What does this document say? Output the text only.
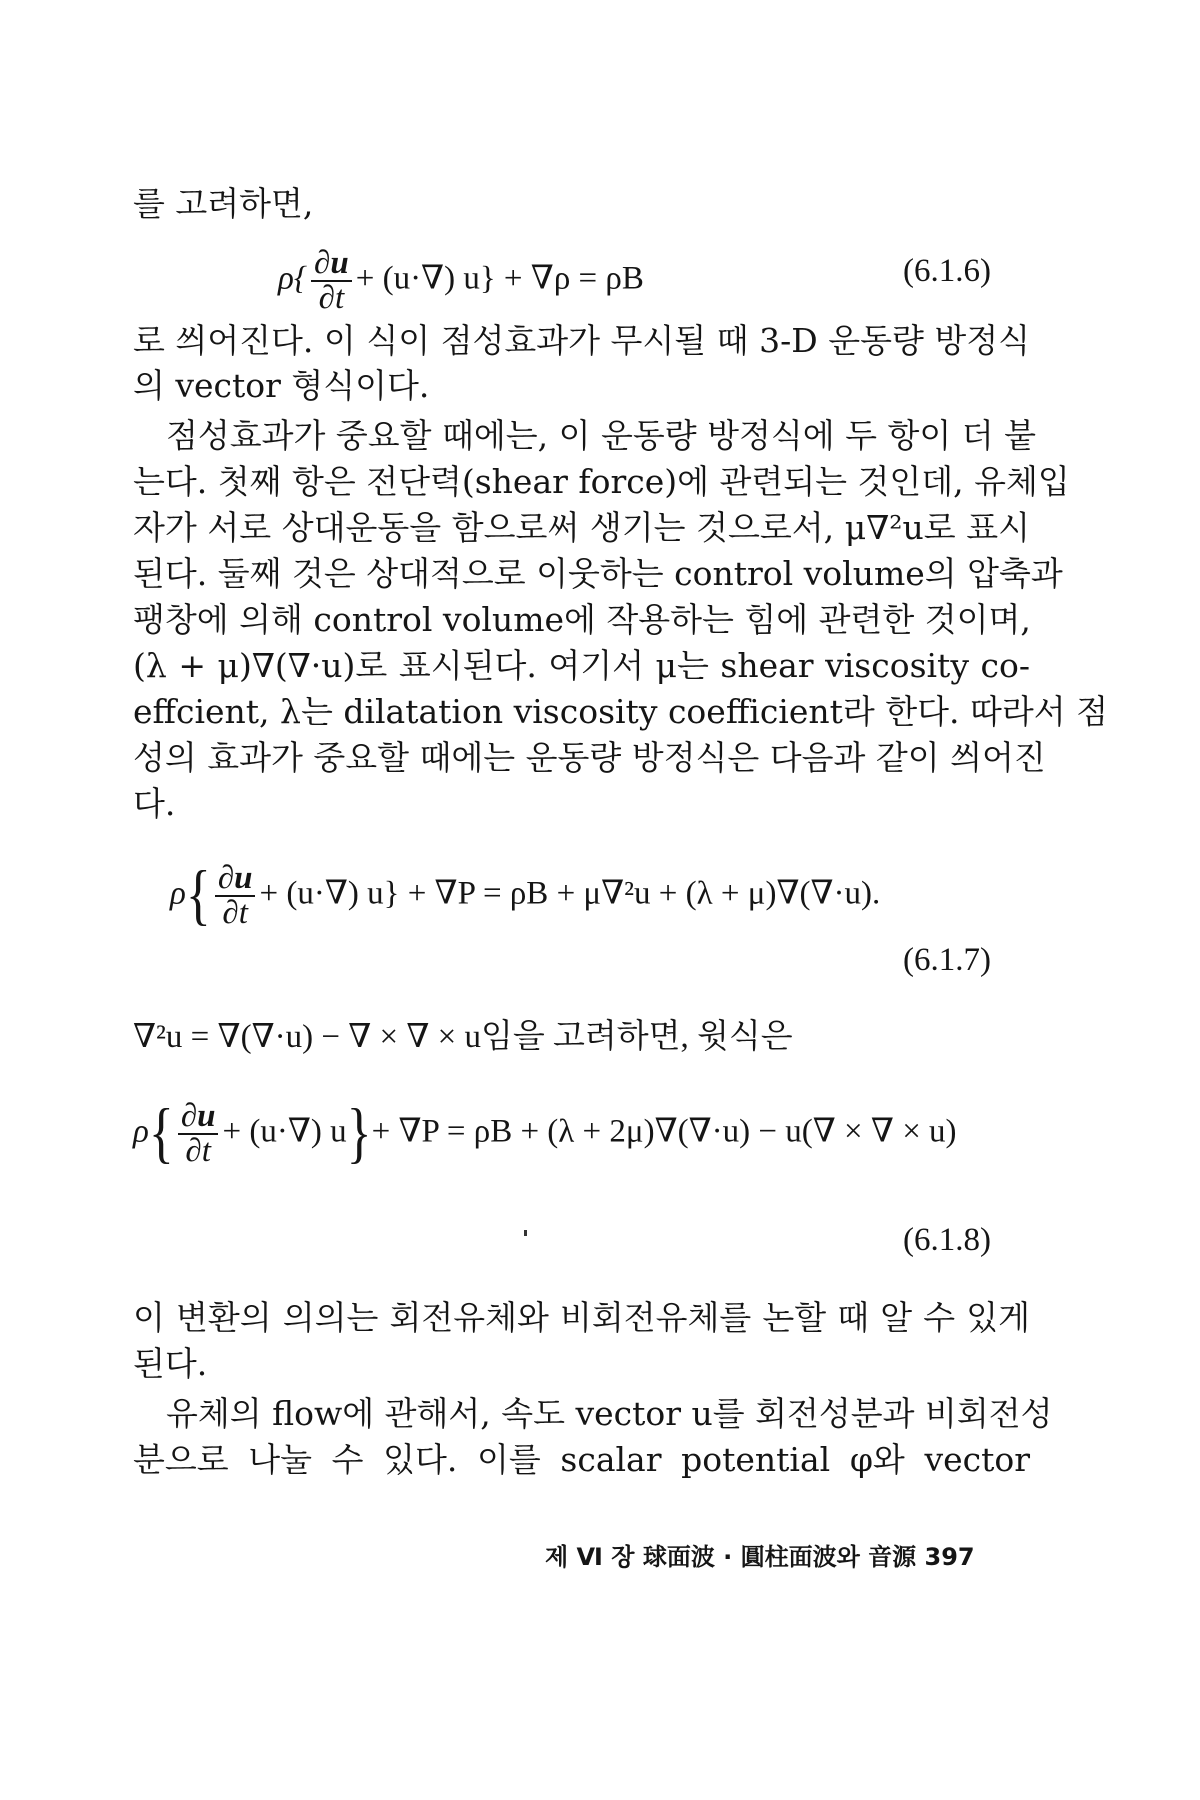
를 고려하면,
$\rho\{ \frac{\partial u}{\partial t} + (u\cdot\nabla) u\} + \nabla\rho = \rho B$	(6.1.6)
로 씌어진다. 이 식이 점성효과가 무시될 때 3-D 운동량 방정식
의 vector 형식이다.
점성효과가 중요할 때에는, 이 운동량 방정식에 두 항이 더 붙
는다. 첫째 항은 전단력(shear force)에 관련되는 것인데, 유체입
자가 서로 상대운동을 함으로써 생기는 것으로서, μ∇²u로 표시
된다. 둘째 것은 상대적으로 이웃하는 control volume의 압축과
팽창에 의해 control volume에 작용하는 힘에 관련한 것이며,
(λ + μ)∇(∇·u)로 표시된다. 여기서 μ는 shear viscosity co-
effcient, λ는 dilatation viscosity coefficient라 한다. 따라서 점
성의 효과가 중요할 때에는 운동량 방정식은 다음과 같이 씌어진
다.
$\rho\{ \frac{\partial u}{\partial t} + (u\cdot\nabla) u\} + \nabla P = \rho B + \mu\nabla^2u + (\lambda + \mu)\nabla(\nabla\cdot u)$.
(6.1.7)
∇²u = ∇(∇·u) − ∇ × ∇ × u임을 고려하면, 윗식은
$\rho\{ \frac{\partial u}{\partial t} + (u\cdot\nabla)$ u}+ ∇P = ρB + (λ + 2μ)∇(∇·u) − u(∇ × ∇ × u)
(6.1.8)
이 변환의 의의는 회전유체와 비회전유체를 논할 때 알 수 있게
된다.
유체의 flow에 관해서, 속도 vector u를 회전성분과 비회전성
분으로 나눌 수 있다. 이를 scalar potential φ와 vector
제 Ⅵ 장 球面波 · 圓柱面波와 音源 397
